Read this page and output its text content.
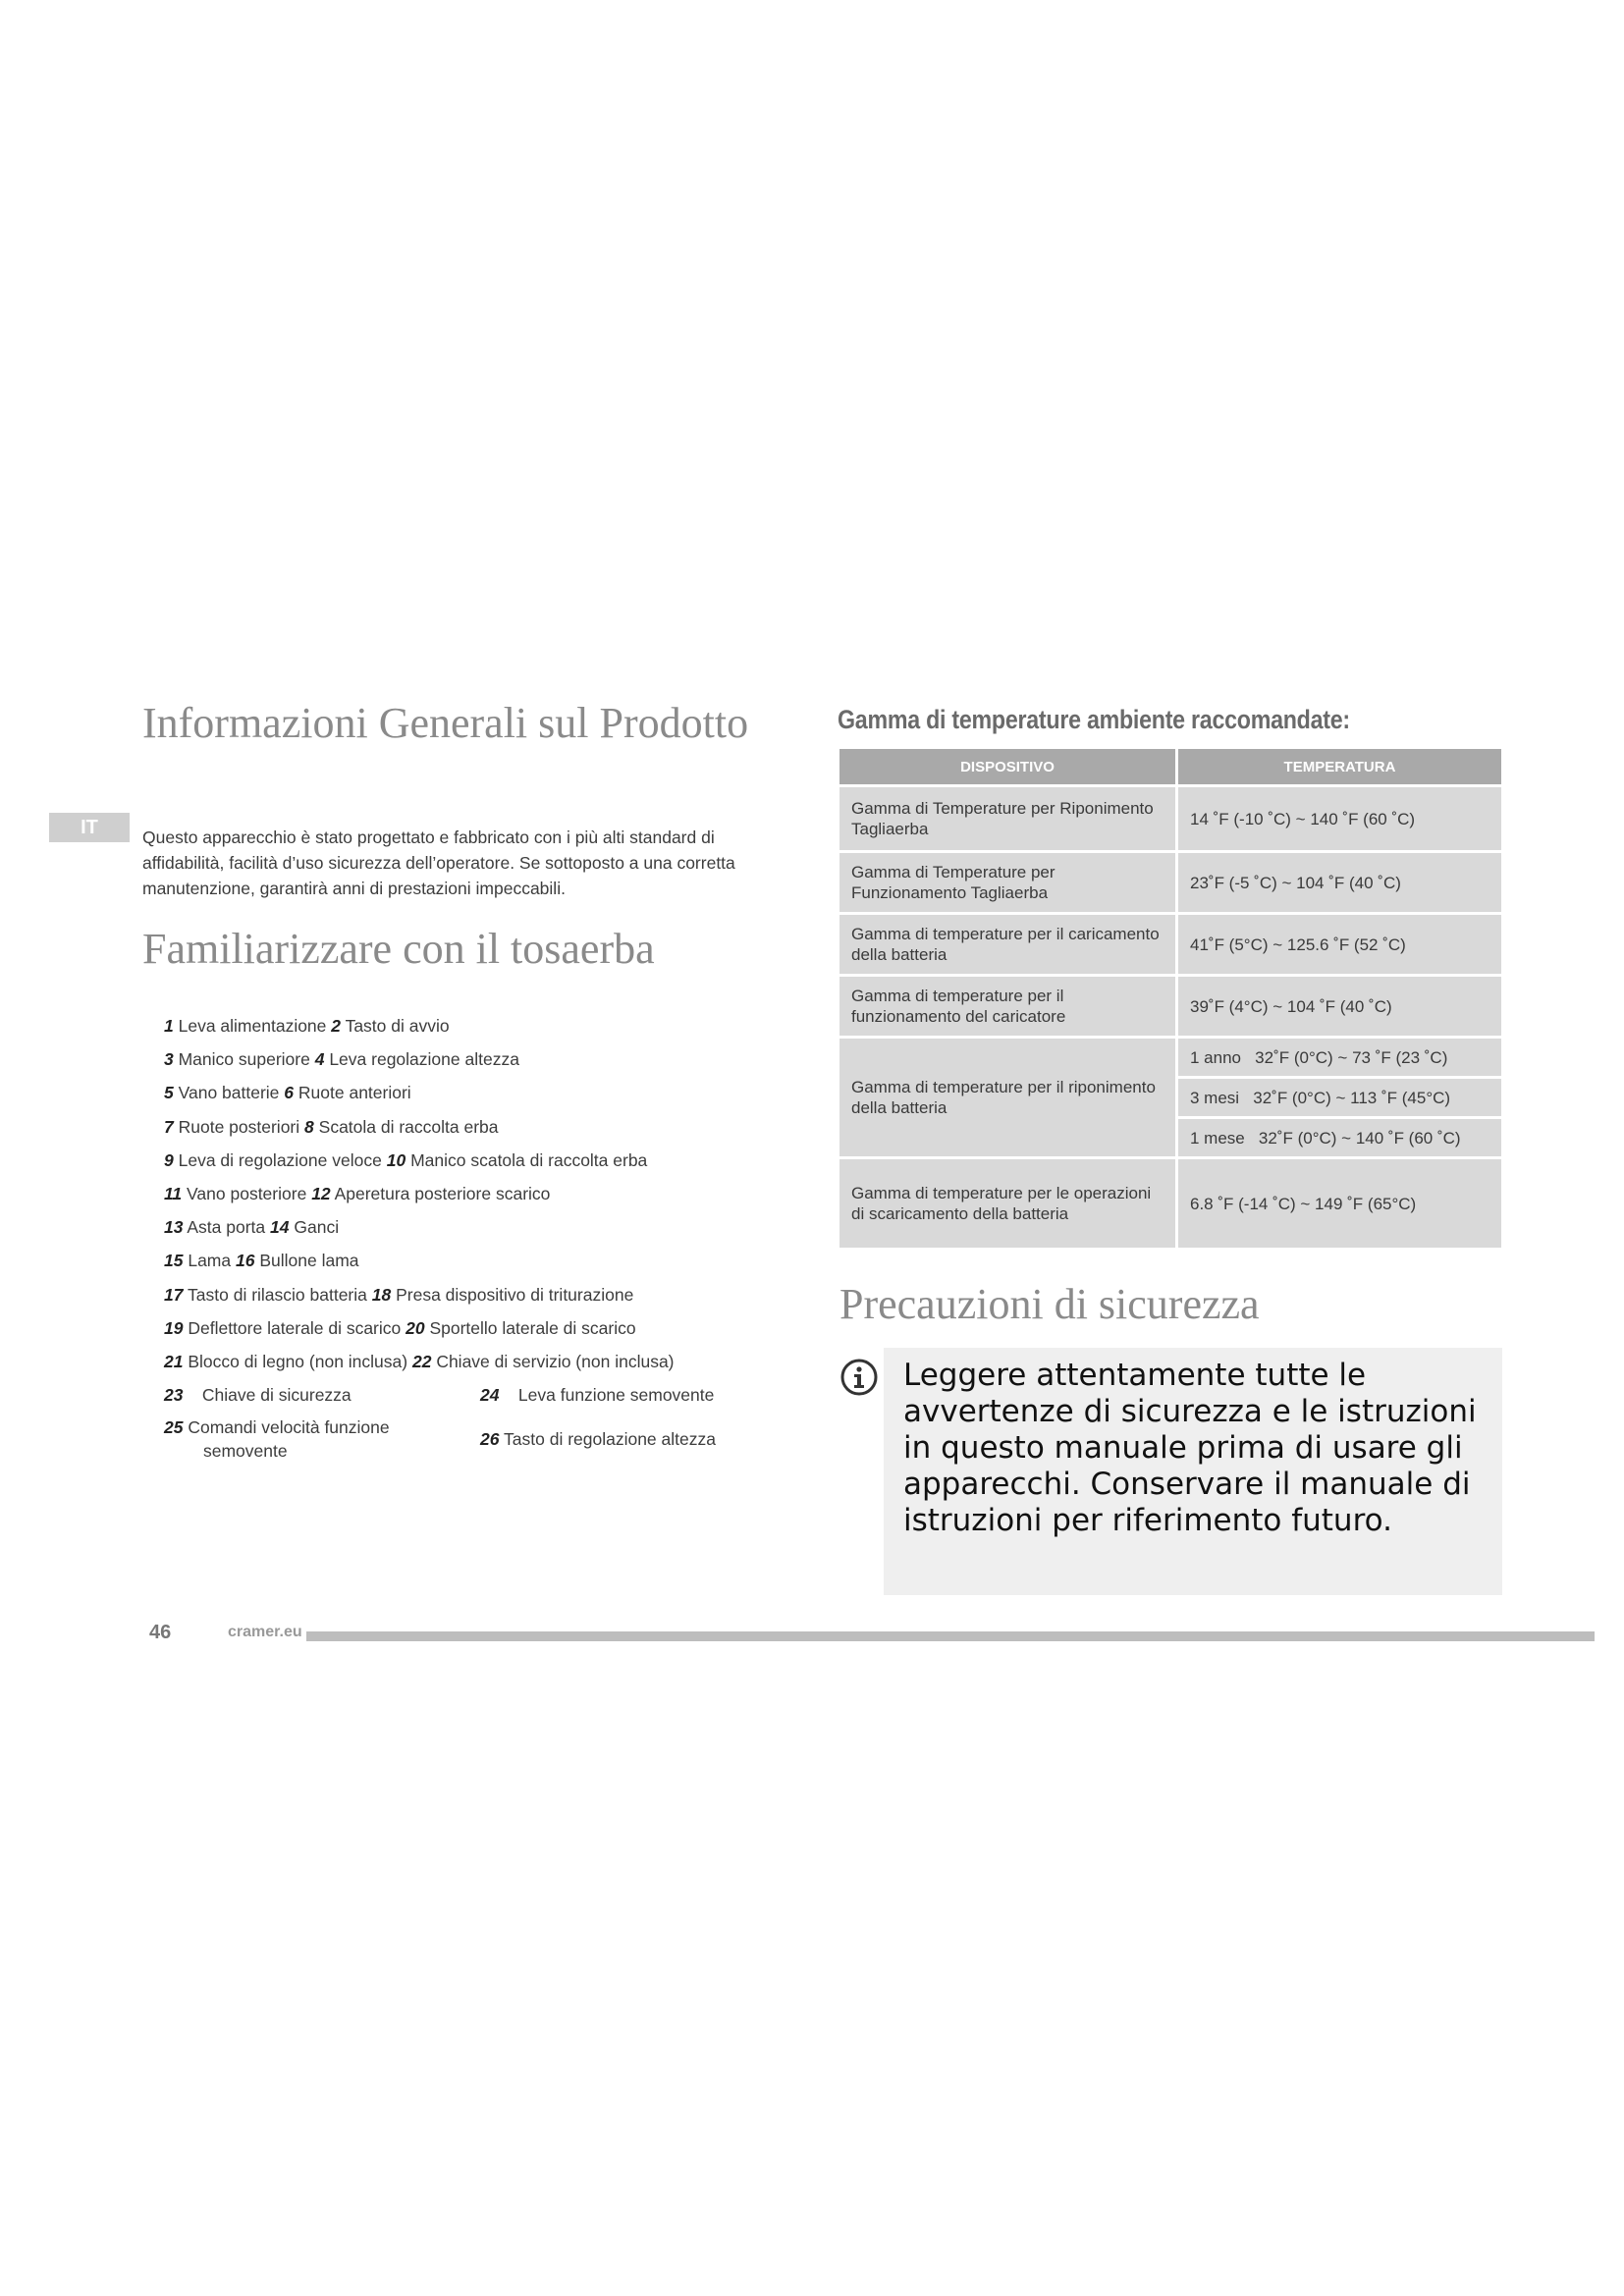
IT
Informazioni Generali sul Prodotto

Questo apparecchio è stato progettato e fabbricato con i più alti standard di affidabilità, facilità d’uso sicurezza dell’operatore. Se sottoposto a una corretta manutenzione, garantirà anni di prestazioni impeccabili.

Familiarizzare con il tosaerba
1 Leva alimentazione 2 Tasto di avvio
3 Manico superiore 4 Leva regolazione altezza
5 Vano batterie 6 Ruote anteriori
7 Ruote posteriori 8 Scatola di raccolta erba
9 Leva di regolazione veloce 10 Manico scatola di raccolta erba
11 Vano posteriore 12 Aperetura posteriore scarico
13 Asta porta 14 Ganci
15 Lama 16 Bullone lama
17 Tasto di rilascio batteria 18 Presa dispositivo di triturazione
19 Deflettore laterale di scarico 20 Sportello laterale di scarico
21 Blocco di legno (non inclusa) 22 Chiave di servizio (non inclusa)
23 Chiave di sicurezza	24 Leva funzione semovente
25 Comandi velocità funzione
semovente
26 Tasto di regolazione altezza
Gamma di temperature ambiente raccomandate:
DISPOSITIVO	TEMPERATURA
Gamma di Temperature per Riponimento Tagliaerba	14 ˚F (-10 ˚C) ~ 140 ˚F (60 ˚C)
Gamma di Temperature per Funzionamento Tagliaerba	23˚F (-5 ˚C) ~ 104 ˚F (40 ˚C)
Gamma di temperature per il caricamento della batteria	41˚F (5°C) ~ 125.6 ˚F (52 ˚C)
Gamma di temperature per il funzionamento del caricatore	39˚F (4°C) ~ 104 ˚F (40 ˚C)
Gamma di temperature per il riponimento della batteria	1 anno 32˚F (0°C) ~ 73 ˚F (23 ˚C)
	3 mesi 32˚F (0°C) ~ 113 ˚F (45°C)
	1 mese 32˚F (0°C) ~ 140 ˚F (60 ˚C)
Gamma di temperature per le operazioni di scaricamento della batteria	6.8 ˚F (-14 ˚C) ~ 149 ˚F (65°C)
Precauzioni di sicurezza

Leggere attentamente tutte le avvertenze di sicurezza e le istruzioni in questo manuale prima di usare gli apparecchi. Conservare il manuale di istruzioni per riferimento futuro.

46	cramer.eu
